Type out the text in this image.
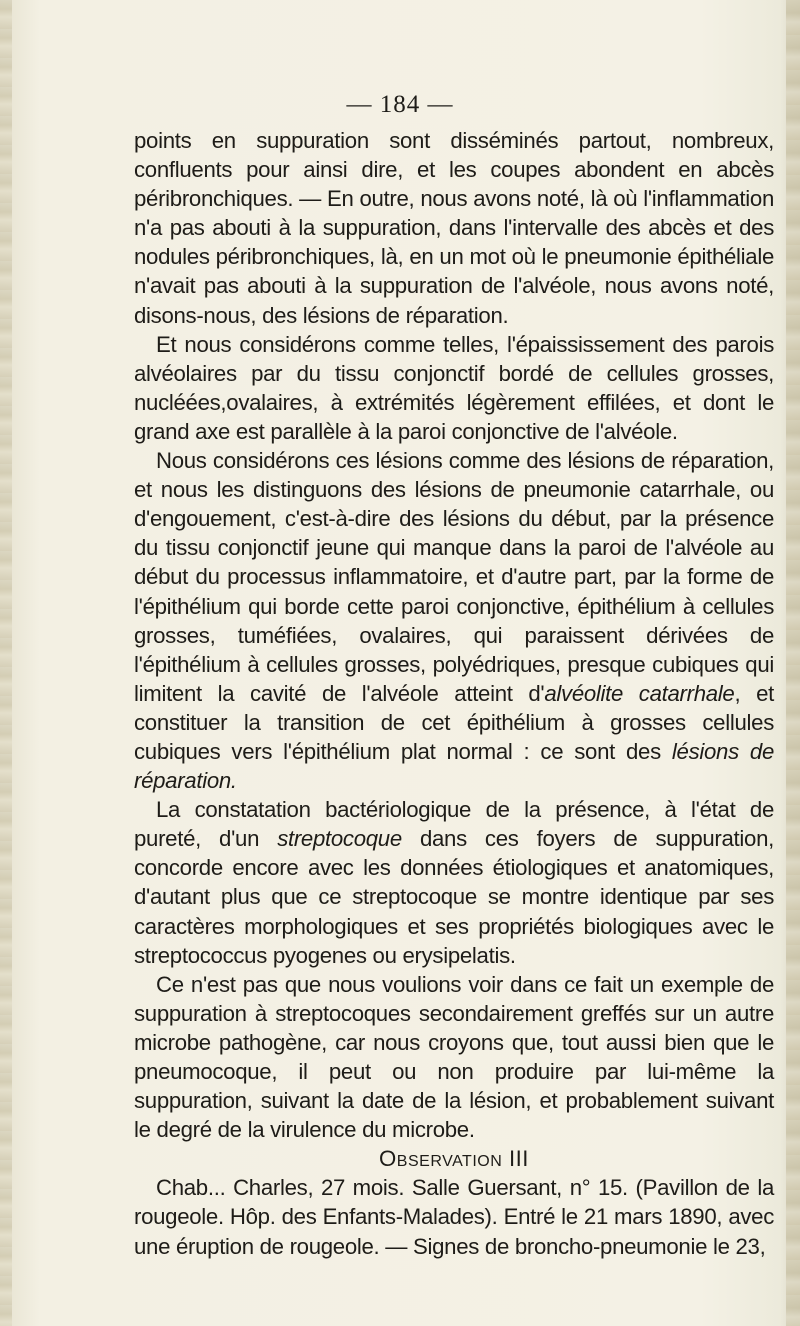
— 184 —

points en suppuration sont disséminés partout, nombreux, confluents pour ainsi dire, et les coupes abondent en abcès péribronchiques. — En outre, nous avons noté, là où l'inflammation n'a pas abouti à la suppuration, dans l'intervalle des abcès et des nodules péribronchiques, là, en un mot où le pneumonie épithéliale n'avait pas abouti à la suppuration de l'alvéole, nous avons noté, disons-nous, des lésions de réparation.

Et nous considérons comme telles, l'épaississement des parois alvéolaires par du tissu conjonctif bordé de cellules grosses, nucléées,ovalaires, à extrémités légèrement effilées, et dont le grand axe est parallèle à la paroi conjonctive de l'alvéole.

Nous considérons ces lésions comme des lésions de réparation, et nous les distinguons des lésions de pneumonie catarrhale, ou d'engouement, c'est-à-dire des lésions du début, par la présence du tissu conjonctif jeune qui manque dans la paroi de l'alvéole au début du processus inflammatoire, et d'autre part, par la forme de l'épithélium qui borde cette paroi conjonctive, épithélium à cellules grosses, tuméfiées, ovalaires, qui paraissent dérivées de l'épithélium à cellules grosses, polyédriques, presque cubiques qui limitent la cavité de l'alvéole atteint d'alvéolite catarrhale, et constituer la transition de cet épithélium à grosses cellules cubiques vers l'épithélium plat normal : ce sont des lésions de réparation.

La constatation bactériologique de la présence, à l'état de pureté, d'un streptocoque dans ces foyers de suppuration, concorde encore avec les données étiologiques et anatomiques, d'autant plus que ce streptocoque se montre identique par ses caractères morphologiques et ses propriétés biologiques avec le streptococcus pyogenes ou erysipelatis.

Ce n'est pas que nous voulions voir dans ce fait un exemple de suppuration à streptocoques secondairement greffés sur un autre microbe pathogène, car nous croyons que, tout aussi bien que le pneumocoque, il peut ou non produire par lui-même la suppuration, suivant la date de la lésion, et probablement suivant le degré de la virulence du microbe.

Observation III

Chab... Charles, 27 mois. Salle Guersant, n° 15. (Pavillon de la rougeole. Hôp. des Enfants-Malades). Entré le 21 mars 1890, avec une éruption de rougeole. — Signes de broncho-pneumonie le 23,
